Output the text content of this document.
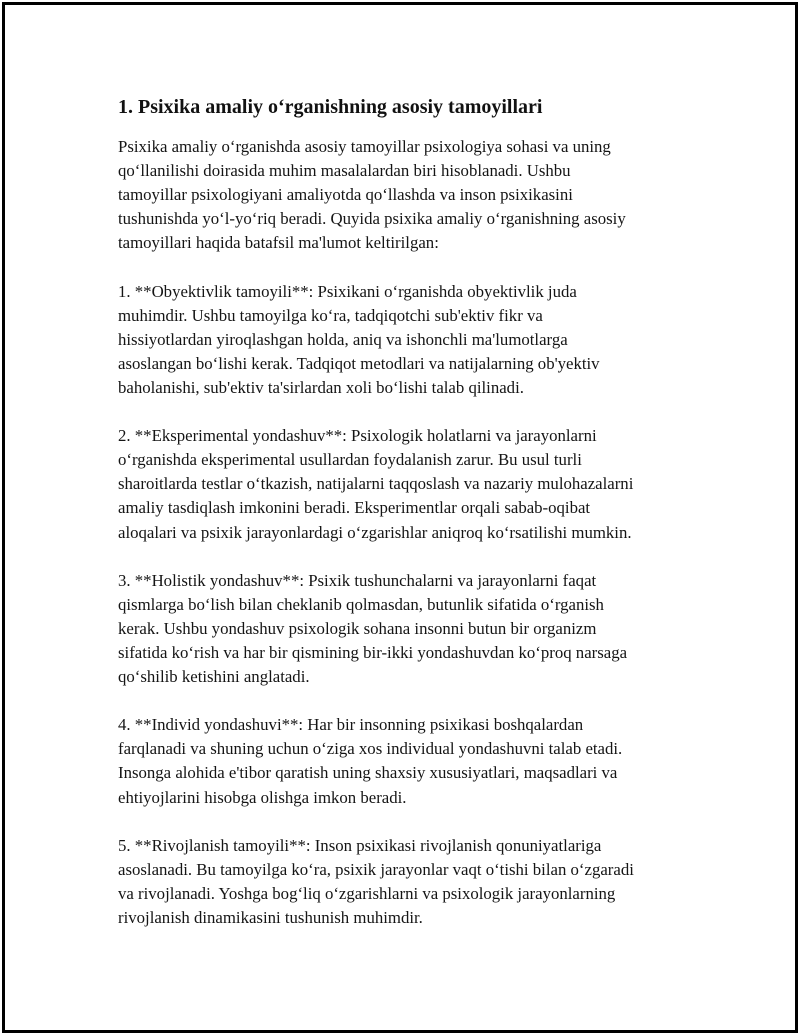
1. Psixika amaliy o‘rganishning asosiy tamoyillari

Psixika amaliy o‘rganishda asosiy tamoyillar psixologiya sohasi va uning
qo‘llanilishi doirasida muhim masalalardan biri hisoblanadi. Ushbu
tamoyillar psixologiyani amaliyotda qo‘llashda va inson psixikasini
tushunishda yo‘l-yo‘riq beradi. Quyida psixika amaliy o‘rganishning asosiy
tamoyillari haqida batafsil ma'lumot keltirilgan:

1. **Obyektivlik tamoyili**: Psixikani o‘rganishda obyektivlik juda
muhimdir. Ushbu tamoyilga ko‘ra, tadqiqotchi sub'ektiv fikr va
hissiyotlardan yiroqlashgan holda, aniq va ishonchli ma'lumotlarga
asoslangan bo‘lishi kerak. Tadqiqot metodlari va natijalarning ob'yektiv
baholanishi, sub'ektiv ta'sirlardan xoli bo‘lishi talab qilinadi.

2. **Eksperimental yondashuv**: Psixologik holatlarni va jarayonlarni
o‘rganishda eksperimental usullardan foydalanish zarur. Bu usul turli
sharoitlarda testlar o‘tkazish, natijalarni taqqoslash va nazariy mulohazalarni
amaliy tasdiqlash imkonini beradi. Eksperimentlar orqali sabab-oqibat
aloqalari va psixik jarayonlardagi o‘zgarishlar aniqroq ko‘rsatilishi mumkin.

3. **Holistik yondashuv**: Psixik tushunchalarni va jarayonlarni faqat
qismlarga bo‘lish bilan cheklanib qolmasdan, butunlik sifatida o‘rganish
kerak. Ushbu yondashuv psixologik sohana insonni butun bir organizm
sifatida ko‘rish va har bir qismining bir-ikki yondashuvdan ko‘proq narsaga
qo‘shilib ketishini anglatadi.

4. **Individ yondashuvi**: Har bir insonning psixikasi boshqalardan
farqlanadi va shuning uchun o‘ziga xos individual yondashuvni talab etadi.
Insonga alohida e'tibor qaratish uning shaxsiy xususiyatlari, maqsadlari va
ehtiyojlarini hisobga olishga imkon beradi.

5. **Rivojlanish tamoyili**: Inson psixikasi rivojlanish qonuniyatlariga
asoslanadi. Bu tamoyilga ko‘ra, psixik jarayonlar vaqt o‘tishi bilan o‘zgaradi
va rivojlanadi. Yoshga bog‘liq o‘zgarishlarni va psixologik jarayonlarning
rivojlanish dinamikasini tushunish muhimdir.
